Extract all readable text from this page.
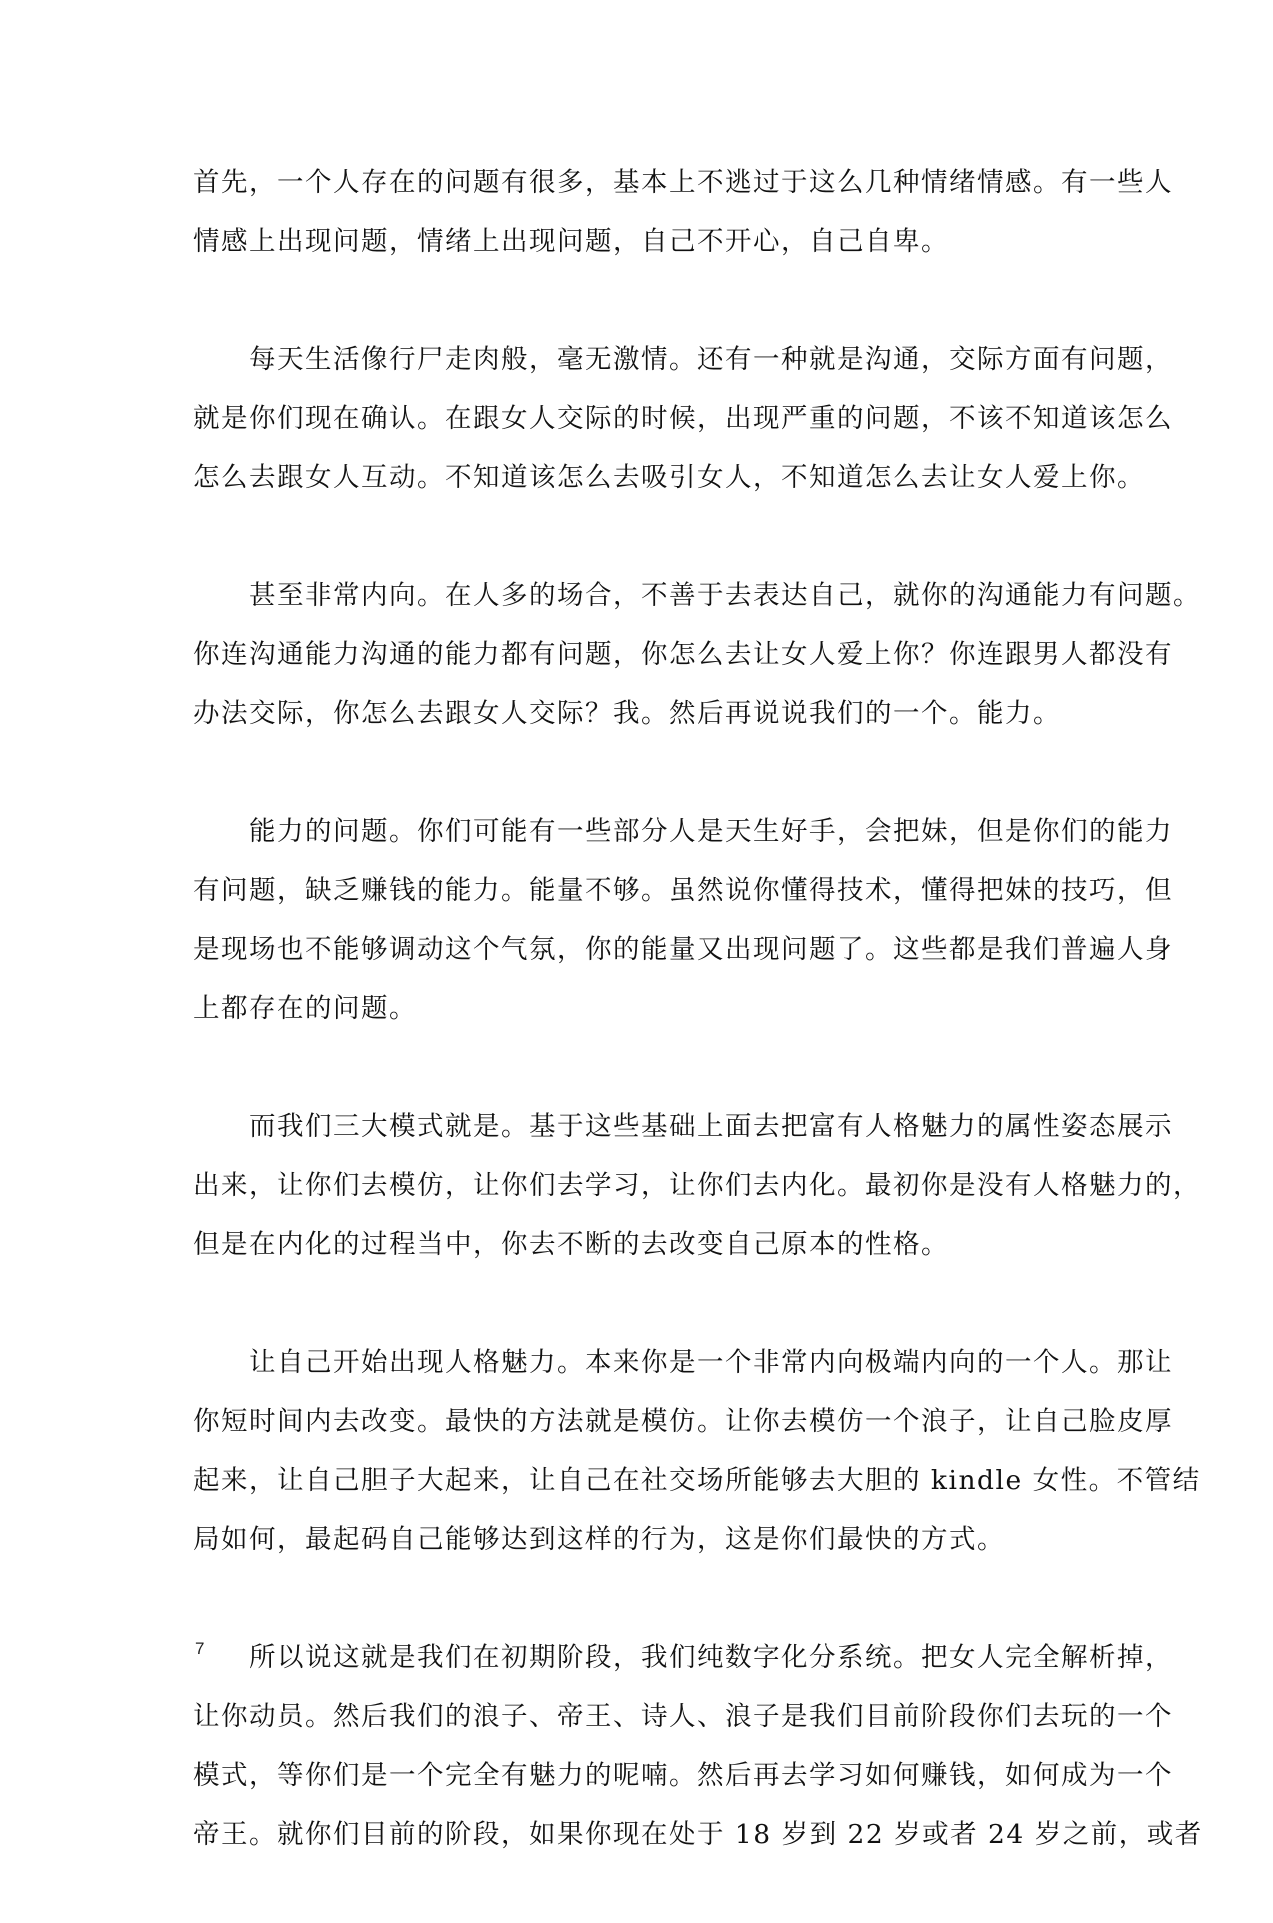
首先，一个人存在的问题有很多，基本上不逃过于这么几种情绪情感。有一些人
情感上出现问题，情绪上出现问题，自己不开心，自己自卑。

每天生活像行尸走肉般，毫无激情。还有一种就是沟通，交际方面有问题，
就是你们现在确认。在跟女人交际的时候，出现严重的问题，不该不知道该怎么
怎么去跟女人互动。不知道该怎么去吸引女人，不知道怎么去让女人爱上你。

甚至非常内向。在人多的场合，不善于去表达自己，就你的沟通能力有问题。
你连沟通能力沟通的能力都有问题，你怎么去让女人爱上你？你连跟男人都没有
办法交际，你怎么去跟女人交际？我。然后再说说我们的一个。能力。

能力的问题。你们可能有一些部分人是天生好手，会把妹，但是你们的能力
有问题，缺乏赚钱的能力。能量不够。虽然说你懂得技术，懂得把妹的技巧，但
是现场也不能够调动这个气氛，你的能量又出现问题了。这些都是我们普遍人身
上都存在的问题。

而我们三大模式就是。基于这些基础上面去把富有人格魅力的属性姿态展示
出来，让你们去模仿，让你们去学习，让你们去内化。最初你是没有人格魅力的，
但是在内化的过程当中，你去不断的去改变自己原本的性格。

让自己开始出现人格魅力。本来你是一个非常内向极端内向的一个人。那让
你短时间内去改变。最快的方法就是模仿。让你去模仿一个浪子，让自己脸皮厚
起来，让自己胆子大起来，让自己在社交场所能够去大胆的 kindle 女性。不管结
局如何，最起码自己能够达到这样的行为，这是你们最快的方式。

所以说这就是我们在初期阶段，我们纯数字化分系统。把女人完全解析掉，
让你动员。然后我们的浪子、帝王、诗人、浪子是我们目前阶段你们去玩的一个
模式，等你们是一个完全有魅力的呢喃。然后再去学习如何赚钱，如何成为一个
帝王。就你们目前的阶段，如果你现在处于 18 岁到 22 岁或者 24 岁之前，或者

7
